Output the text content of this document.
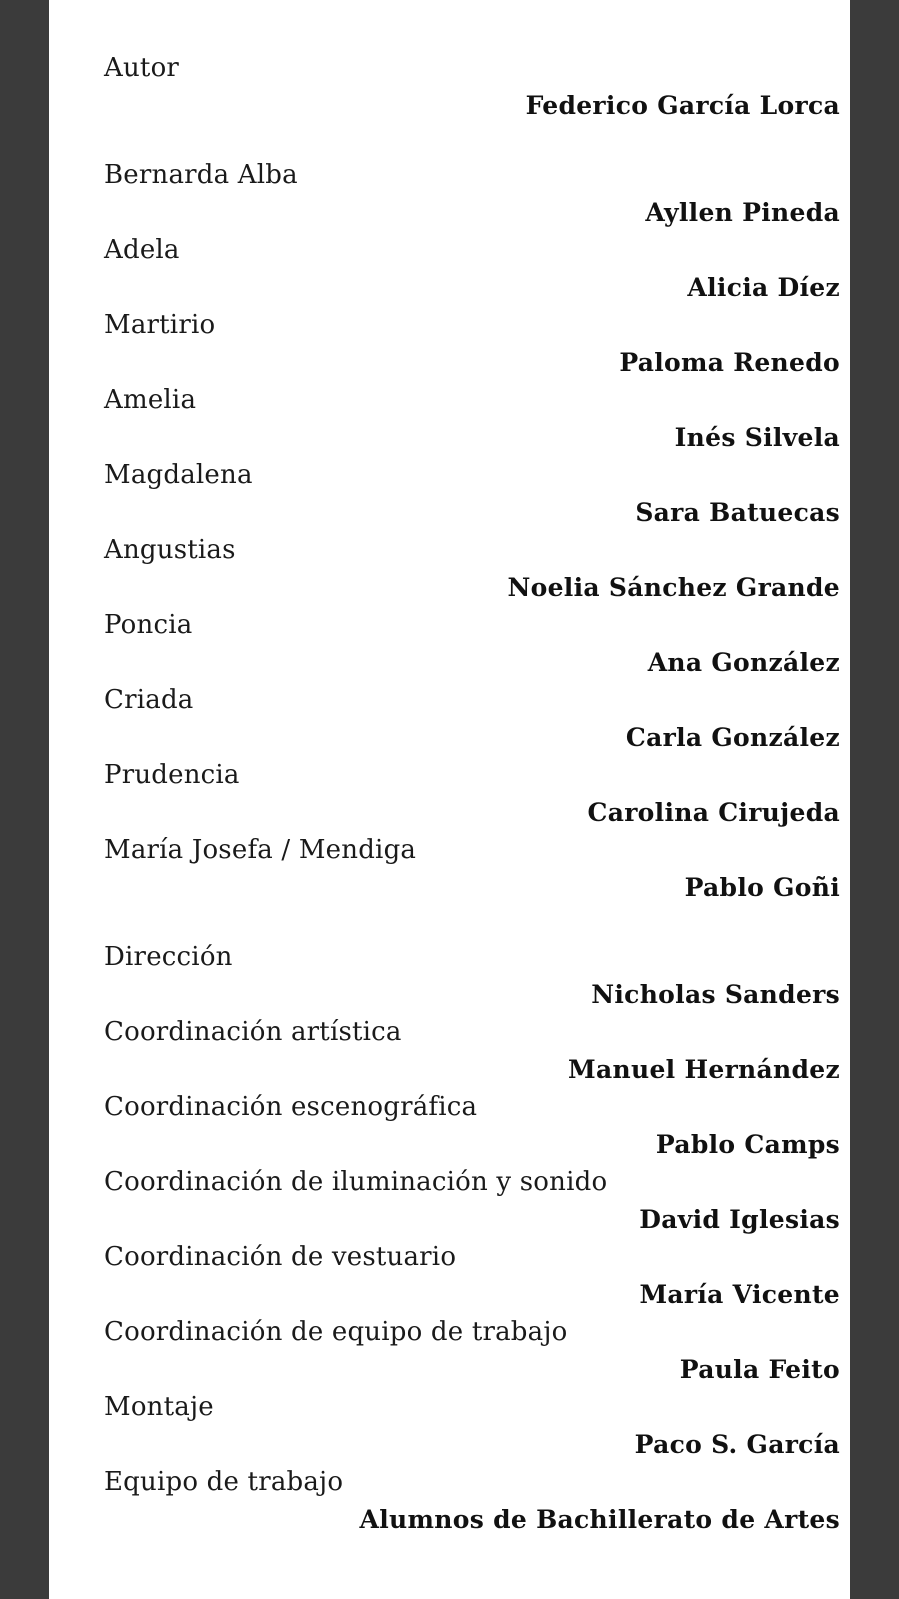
Autor
Federico García Lorca
Bernarda Alba
Ayllen Pineda
Adela
Alicia Díez
Martirio
Paloma Renedo
Amelia
Inés Silvela
Magdalena
Sara Batuecas
Angustias
Noelia Sánchez Grande
Poncia
Ana González
Criada
Carla González
Prudencia
Carolina Cirujeda
María Josefa / Mendiga
Pablo Goñi
Dirección
Nicholas Sanders
Coordinación artística
Manuel Hernández
Coordinación escenográfica
Pablo Camps
Coordinación de iluminación y sonido
David Iglesias
Coordinación de vestuario
María Vicente
Coordinación de equipo de trabajo
Paula Feito
Montaje
Paco S. García
Equipo de trabajo
Alumnos de Bachillerato de Artes
